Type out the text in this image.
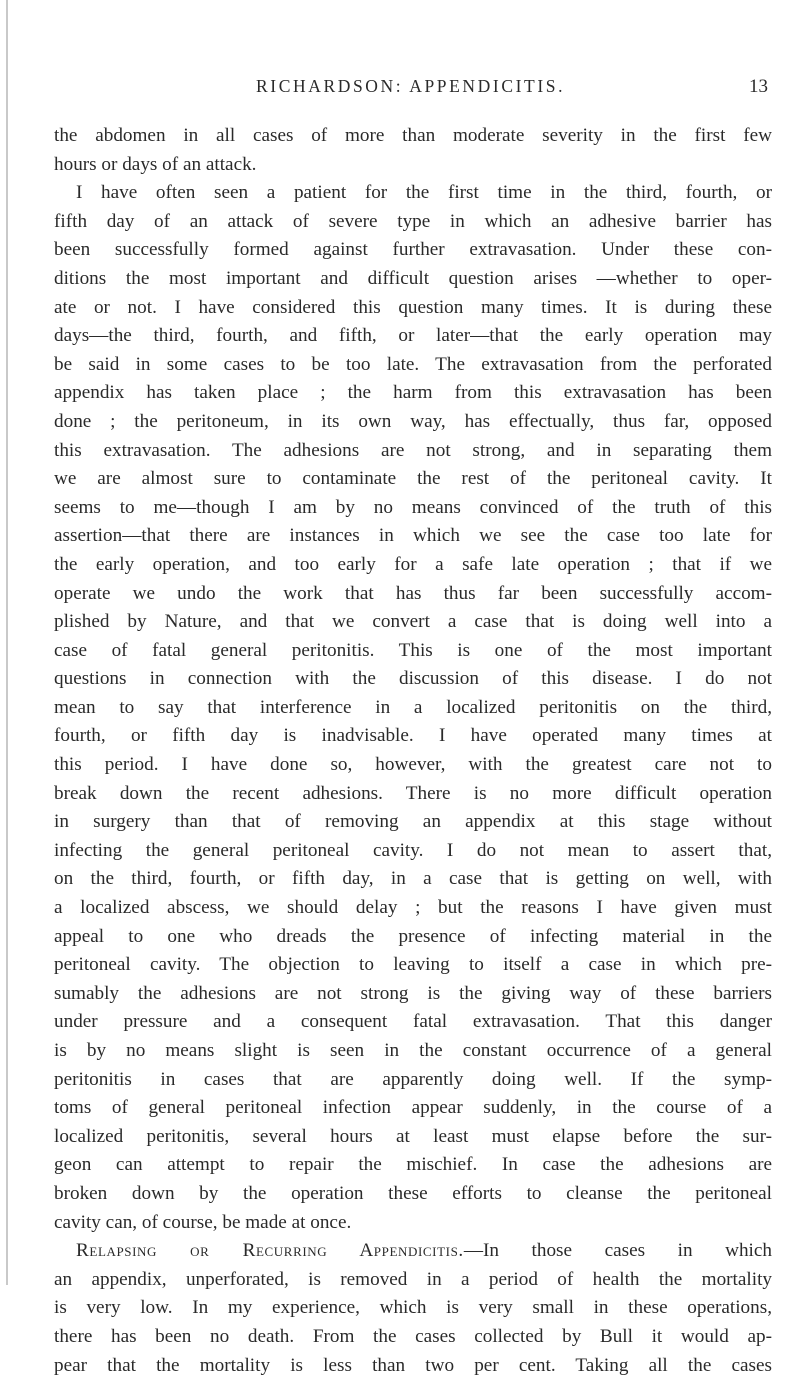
RICHARDSON: APPENDICITIS.	13
the abdomen in all cases of more than moderate severity in the first few
hours or days of an attack.
I have often seen a patient for the first time in the third, fourth, or
fifth day of an attack of severe type in which an adhesive barrier has
been successfully formed against further extravasation. Under these con-
ditions the most important and difficult question arises —whether to oper-
ate or not. I have considered this question many times. It is during these
days—the third, fourth, and fifth, or later—that the early operation may
be said in some cases to be too late. The extravasation from the perforated
appendix has taken place ; the harm from this extravasation has been
done ; the peritoneum, in its own way, has effectually, thus far, opposed
this extravasation. The adhesions are not strong, and in separating them
we are almost sure to contaminate the rest of the peritoneal cavity. It
seems to me—though I am by no means convinced of the truth of this
assertion—that there are instances in which we see the case too late for
the early operation, and too early for a safe late operation ; that if we
operate we undo the work that has thus far been successfully accom-
plished by Nature, and that we convert a case that is doing well into a
case of fatal general peritonitis. This is one of the most important
questions in connection with the discussion of this disease. I do not
mean to say that interference in a localized peritonitis on the third,
fourth, or fifth day is inadvisable. I have operated many times at
this period. I have done so, however, with the greatest care not to
break down the recent adhesions. There is no more difficult operation
in surgery than that of removing an appendix at this stage without
infecting the general peritoneal cavity. I do not mean to assert that,
on the third, fourth, or fifth day, in a case that is getting on well, with
a localized abscess, we should delay ; but the reasons I have given must
appeal to one who dreads the presence of infecting material in the
peritoneal cavity. The objection to leaving to itself a case in which pre-
sumably the adhesions are not strong is the giving way of these barriers
under pressure and a consequent fatal extravasation. That this danger
is by no means slight is seen in the constant occurrence of a general
peritonitis in cases that are apparently doing well. If the symp-
toms of general peritoneal infection appear suddenly, in the course of a
localized peritonitis, several hours at least must elapse before the sur-
geon can attempt to repair the mischief. In case the adhesions are
broken down by the operation these efforts to cleanse the peritoneal
cavity can, of course, be made at once.
Relapsing or Recurring Appendicitis.—In those cases in which
an appendix, unperforated, is removed in a period of health the mortality
is very low. In my experience, which is very small in these operations,
there has been no death. From the cases collected by Bull it would ap-
pear that the mortality is less than two per cent. Taking all the cases
